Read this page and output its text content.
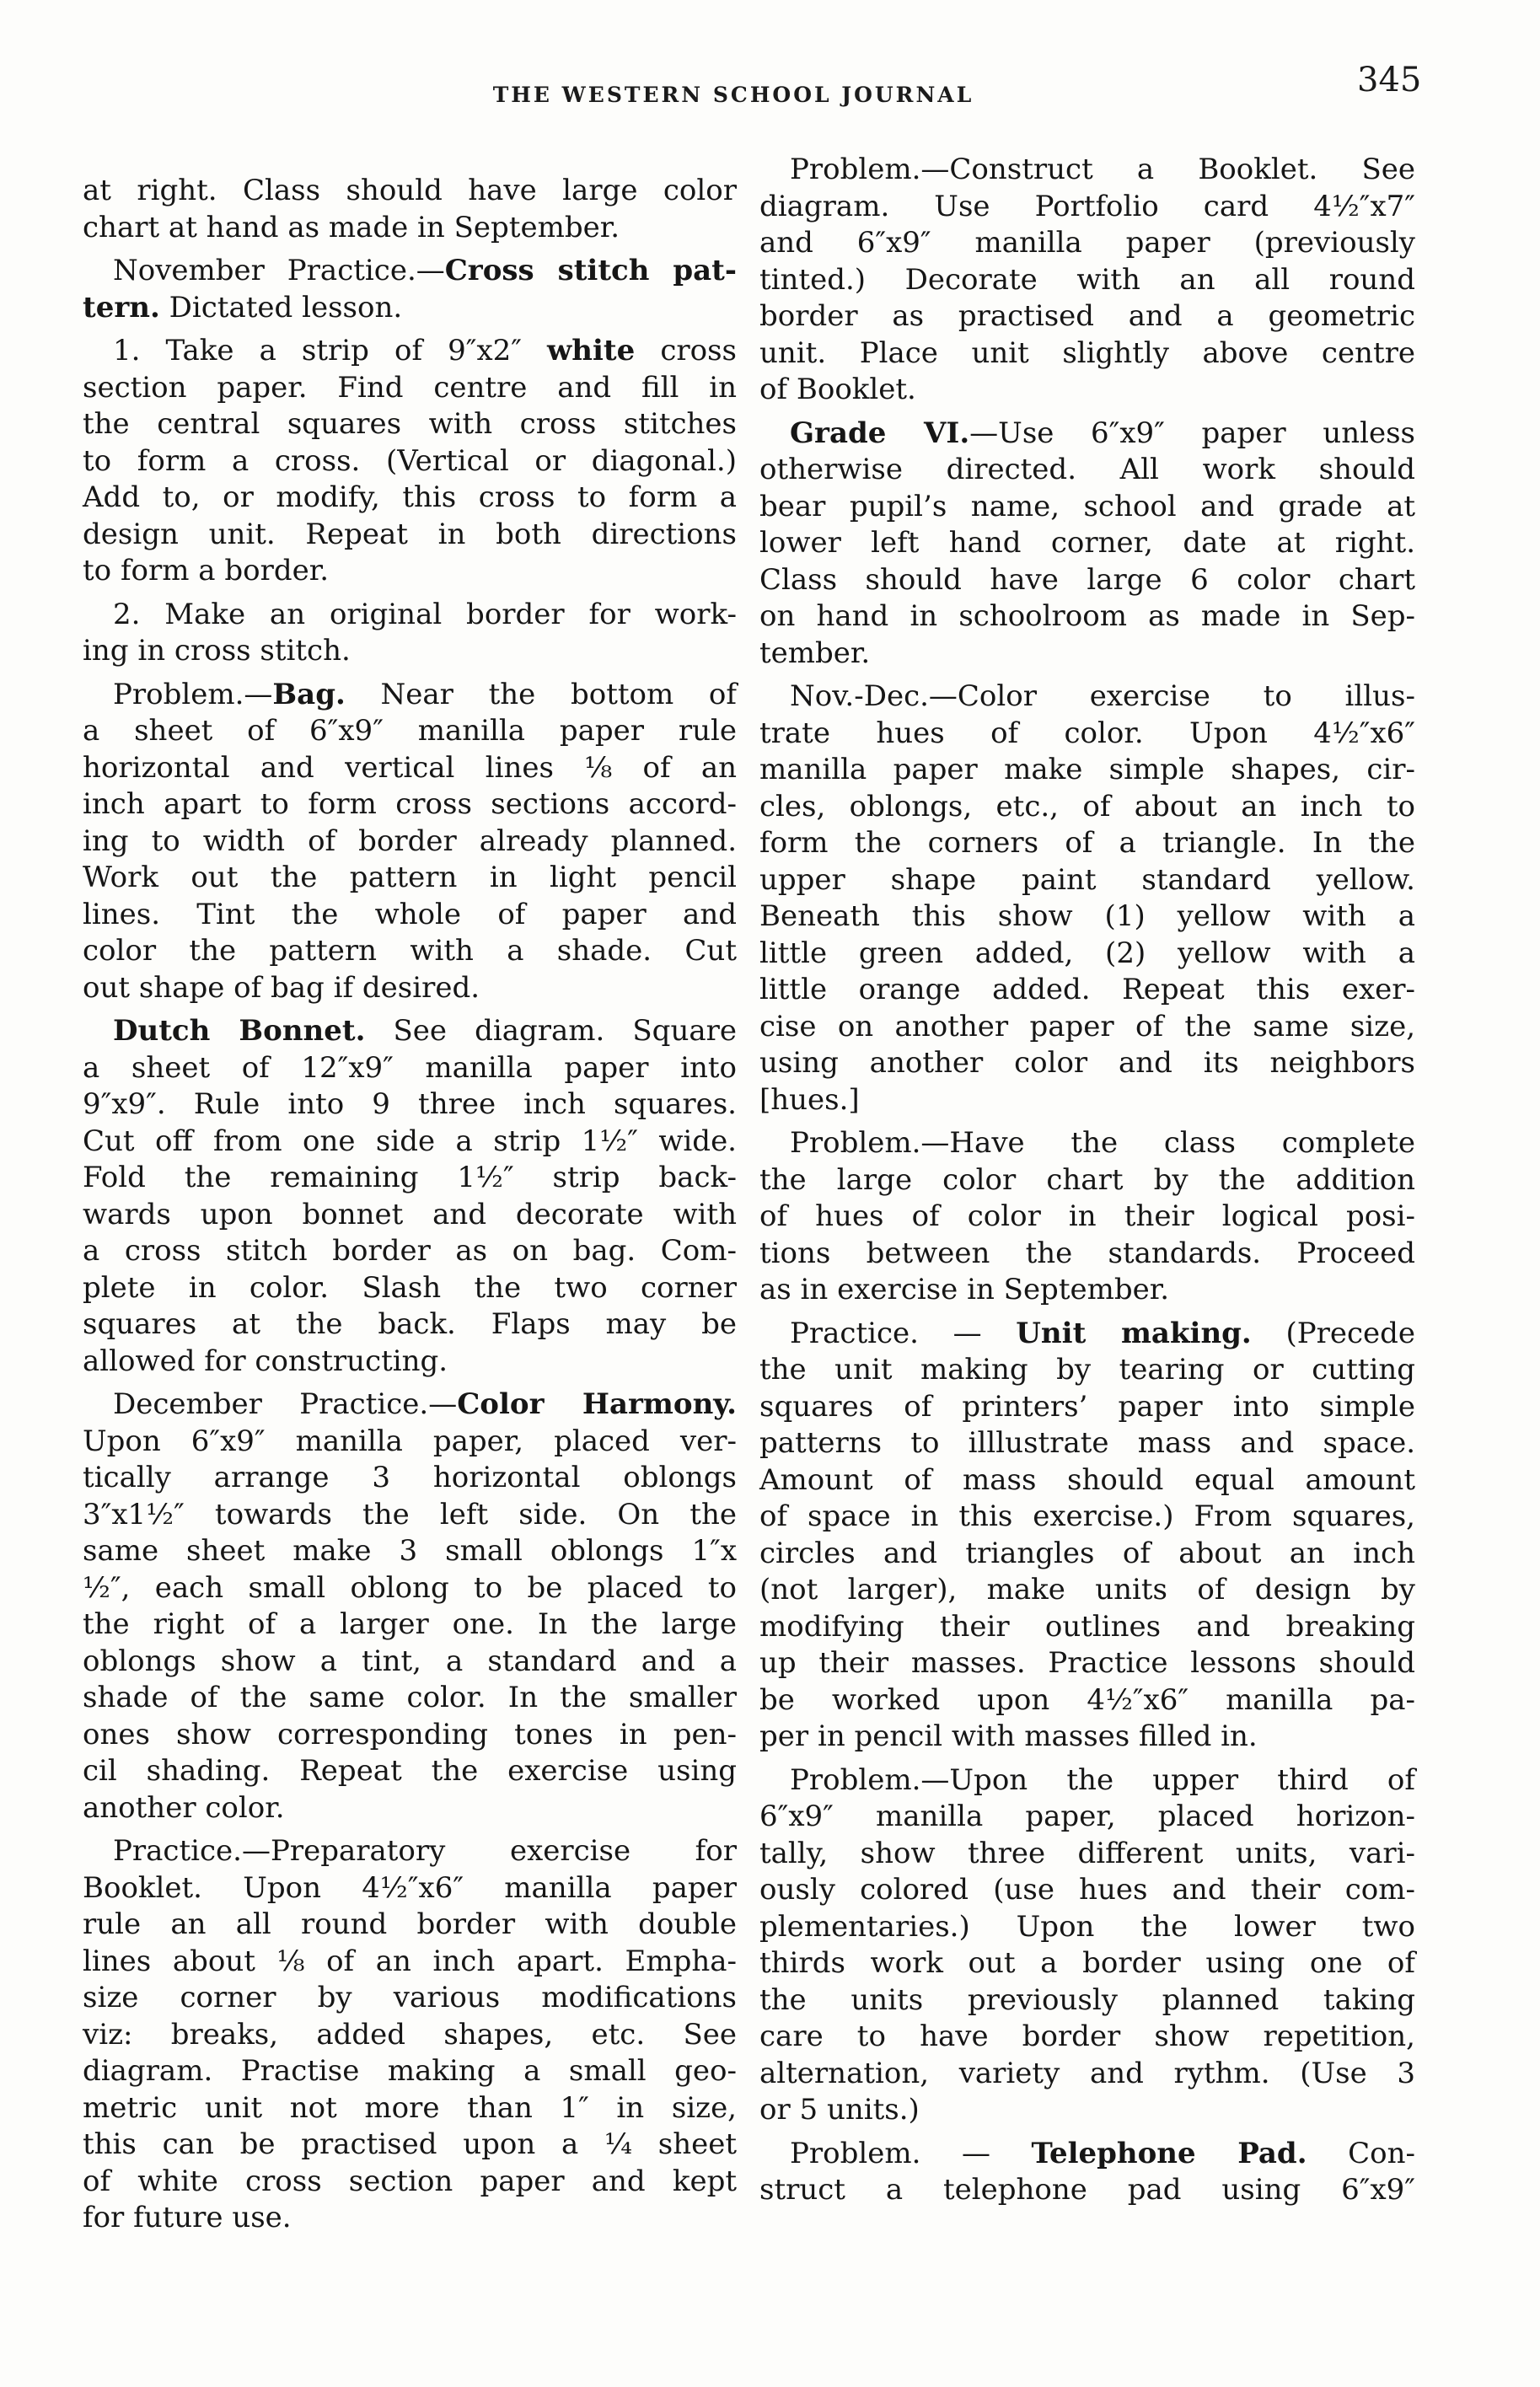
THE WESTERN SCHOOL JOURNAL	345
at right. Class should have large color
chart at hand as made in September.
November Practice.—Cross stitch pat-
tern. Dictated lesson.
1. Take a strip of 9″x2″ white cross
section paper. Find centre and fill in
the central squares with cross stitches
to form a cross. (Vertical or diagonal.)
Add to, or modify, this cross to form a
design unit. Repeat in both directions
to form a border.
2. Make an original border for work-
ing in cross stitch.
Problem.—Bag. Near the bottom of
a sheet of 6″x9″ manilla paper rule
horizontal and vertical lines ⅛ of an
inch apart to form cross sections accord-
ing to width of border already planned.
Work out the pattern in light pencil
lines. Tint the whole of paper and
color the pattern with a shade. Cut
out shape of bag if desired.
Dutch Bonnet. See diagram. Square
a sheet of 12″x9″ manilla paper into
9″x9″. Rule into 9 three inch squares.
Cut off from one side a strip 1½″ wide.
Fold the remaining 1½″ strip back-
wards upon bonnet and decorate with
a cross stitch border as on bag. Com-
plete in color. Slash the two corner
squares at the back. Flaps may be
allowed for constructing.
December Practice.—Color Harmony.
Upon 6″x9″ manilla paper, placed ver-
tically arrange 3 horizontal oblongs
3″x1½″ towards the left side. On the
same sheet make 3 small oblongs 1″x
½″, each small oblong to be placed to
the right of a larger one. In the large
oblongs show a tint, a standard and a
shade of the same color. In the smaller
ones show corresponding tones in pen-
cil shading. Repeat the exercise using
another color.
Practice.—Preparatory exercise for
Booklet. Upon 4½″x6″ manilla paper
rule an all round border with double
lines about ⅛ of an inch apart. Empha-
size corner by various modifications
viz: breaks, added shapes, etc. See
diagram. Practise making a small geo-
metric unit not more than 1″ in size,
this can be practised upon a ¼ sheet
of white cross section paper and kept
for future use.
Problem.—Construct a Booklet. See
diagram. Use Portfolio card 4½″x7″
and 6″x9″ manilla paper (previously
tinted.) Decorate with an all round
border as practised and a geometric
unit. Place unit slightly above centre
of Booklet.
Grade VI.—Use 6″x9″ paper unless
otherwise directed. All work should
bear pupil’s name, school and grade at
lower left hand corner, date at right.
Class should have large 6 color chart
on hand in schoolroom as made in Sep-
tember.
Nov.-Dec.—Color exercise to illus-
trate hues of color. Upon 4½″x6″
manilla paper make simple shapes, cir-
cles, oblongs, etc., of about an inch to
form the corners of a triangle. In the
upper shape paint standard yellow.
Beneath this show (1) yellow with a
little green added, (2) yellow with a
little orange added. Repeat this exer-
cise on another paper of the same size,
using another color and its neighbors
[hues.]
Problem.—Have the class complete
the large color chart by the addition
of hues of color in their logical posi-
tions between the standards. Proceed
as in exercise in September.
Practice. — Unit making. (Precede
the unit making by tearing or cutting
squares of printers’ paper into simple
patterns to illlustrate mass and space.
Amount of mass should equal amount
of space in this exercise.) From squares,
circles and triangles of about an inch
(not larger), make units of design by
modifying their outlines and breaking
up their masses. Practice lessons should
be worked upon 4½″x6″ manilla pa-
per in pencil with masses filled in.
Problem.—Upon the upper third of
6″x9″ manilla paper, placed horizon-
tally, show three different units, vari-
ously colored (use hues and their com-
plementaries.) Upon the lower two
thirds work out a border using one of
the units previously planned taking
care to have border show repetition,
alternation, variety and rythm. (Use 3
or 5 units.)
Problem. — Telephone Pad. Con-
struct a telephone pad using 6″x9″
